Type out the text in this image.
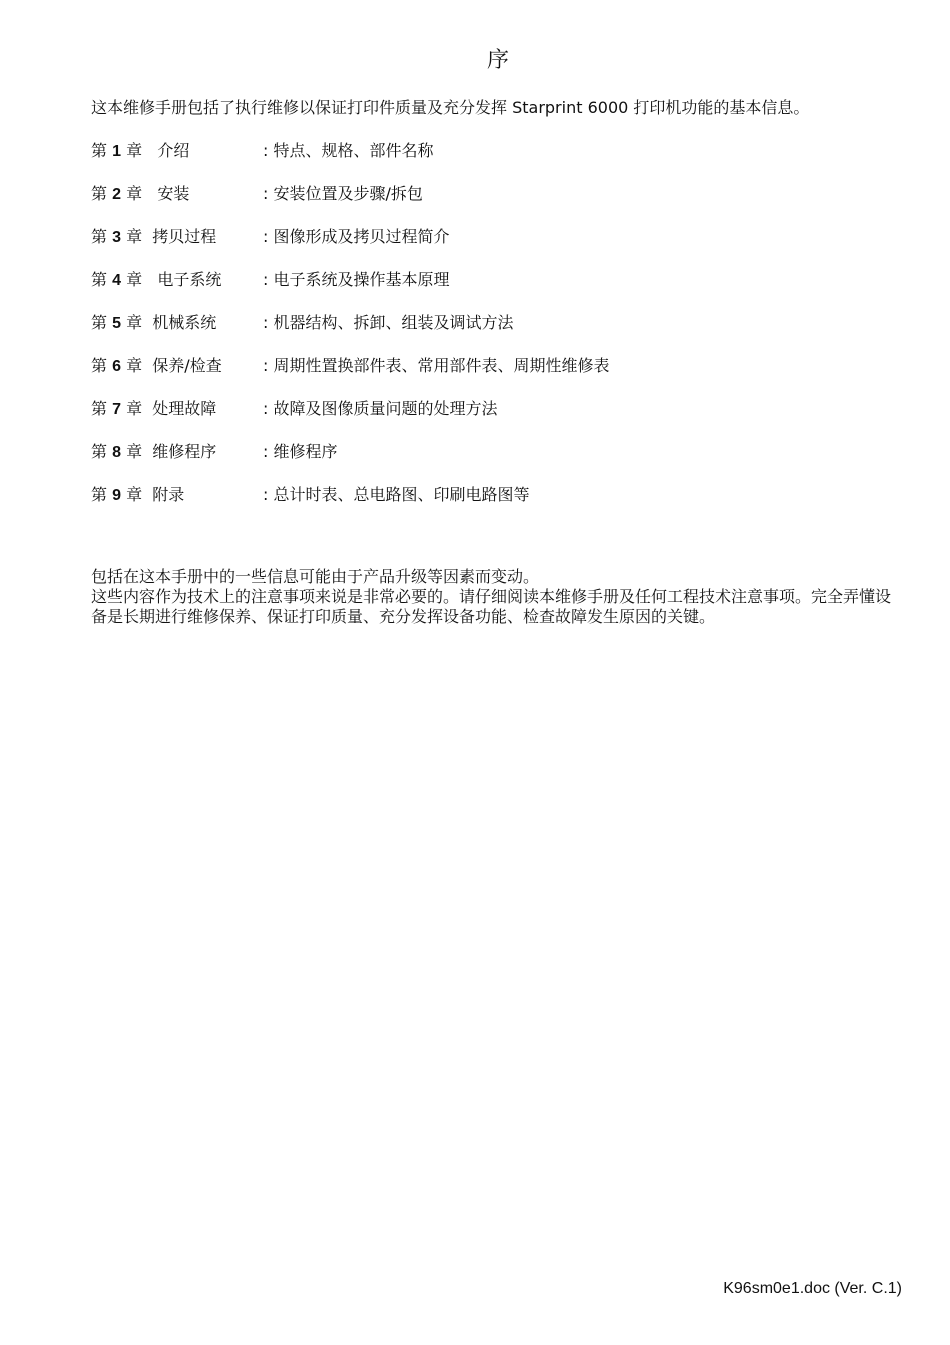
序
这本维修手册包括了执行维修以保证打印件质量及充分发挥 Starprint 6000 打印机功能的基本信息。
第 1 章 介绍	: 特点、规格、部件名称
第 2 章 安装	: 安装位置及步骤/拆包
第 3 章 拷贝过程	: 图像形成及拷贝过程简介
第 4 章 电子系统	: 电子系统及操作基本原理
第 5 章 机械系统	: 机器结构、拆卸、组装及调试方法
第 6 章 保养/检查	: 周期性置换部件表、常用部件表、周期性维修表
第 7 章 处理故障	: 故障及图像质量问题的处理方法
第 8 章 维修程序	: 维修程序
第 9 章 附录	: 总计时表、总电路图、印刷电路图等

包括在这本手册中的一些信息可能由于产品升级等因素而变动。

这些内容作为技术上的注意事项来说是非常必要的。请仔细阅读本维修手册及任何工程技术注意事项。完全弄懂设备是长期进行维修保养、保证打印质量、充分发挥设备功能、检查故障发生原因的关键。

K96sm0e1.doc (Ver. C.1)
